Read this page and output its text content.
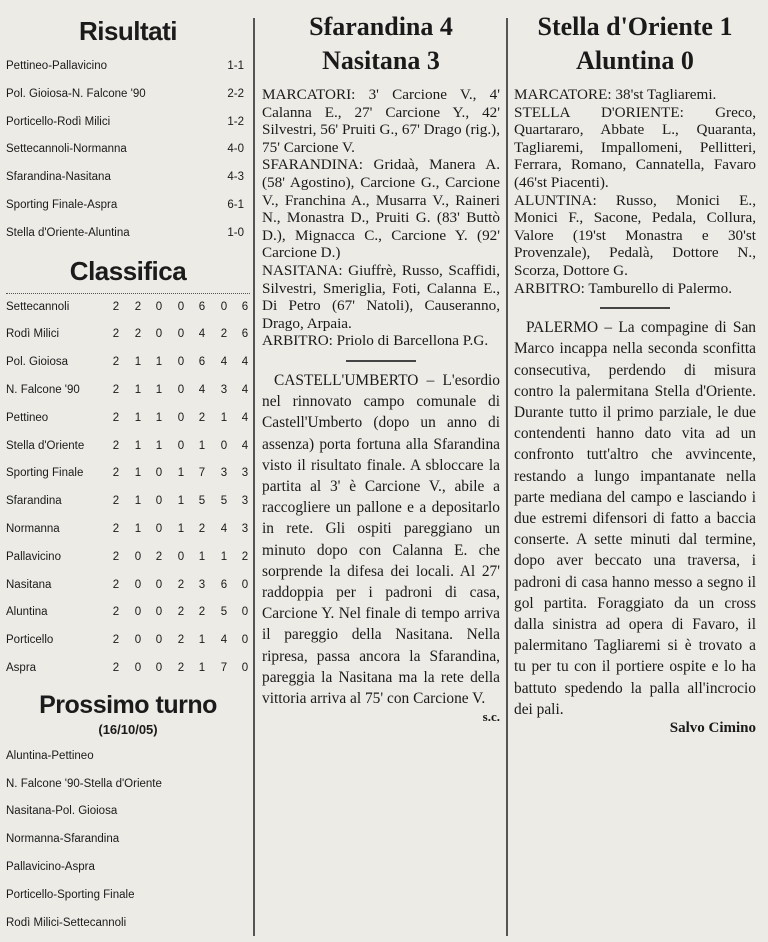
Risultati
Pettineo-Pallavicino	1-1
Pol. Gioiosa-N. Falcone '90	2-2
Porticello-Rodì Milici	1-2
Settecannoli-Normanna	4-0
Sfarandina-Nasitana	4-3
Sporting Finale-Aspra	6-1
Stella d'Oriente-Aluntina	1-0
Classifica
Settecannoli	2	2	0	0	6	0	6
Rodì Milici	2	2	0	0	4	2	6
Pol. Gioiosa	2	1	1	0	6	4	4
N. Falcone '90	2	1	1	0	4	3	4
Pettineo	2	1	1	0	2	1	4
Stella d'Oriente	2	1	1	0	1	0	4
Sporting Finale	2	1	0	1	7	3	3
Sfarandina	2	1	0	1	5	5	3
Normanna	2	1	0	1	2	4	3
Pallavicino	2	0	2	0	1	1	2
Nasitana	2	0	0	2	3	6	0
Aluntina	2	0	0	2	2	5	0
Porticello	2	0	0	2	1	4	0
Aspra	2	0	0	2	1	7	0
Prossimo turno
(16/10/05)
Aluntina-Pettineo
N. Falcone '90-Stella d'Oriente
Nasitana-Pol. Gioiosa
Normanna-Sfarandina
Pallavicino-Aspra
Porticello-Sporting Finale
Rodì Milici-Settecannoli
Sfarandina 4
Nasitana 3

MARCATORI: 3' Carcione V., 4' Calanna E., 27' Carcione Y., 42' Silvestri, 56' Pruiti G., 67' Drago (rig.), 75' Carcione V.

SFARANDINA: Gridaà, Manera A. (58' Agostino), Carcione G., Carcione V., Franchina A., Musarra V., Raineri N., Monastra D., Pruiti G. (83' Buttò D.), Mignacca C., Carcione Y. (92' Carcione D.)

NASITANA: Giuffrè, Russo, Scaffidi, Silvestri, Smeriglia, Foti, Calanna E., Di Petro (67' Natoli), Causeranno, Drago, Arpaia.

ARBITRO: Priolo di Barcellona P.G.

CASTELL'UMBERTO – L'esordio nel rinnovato campo comunale di Castell'Umberto (dopo un anno di assenza) porta fortuna alla Sfarandina visto il risultato finale. A sbloccare la partita al 3' è Carcione V., abile a raccogliere un pallone e a depositarlo in rete. Gli ospiti pareggiano un minuto dopo con Calanna E. che sorprende la difesa dei locali. Al 27' raddoppia per i padroni di casa, Carcione Y. Nel finale di tempo arriva il pareggio della Nasitana. Nella ripresa, passa ancora la Sfarandina, pareggia la Nasitana ma la rete della vittoria arriva al 75' con Carcione V.

s.c.
Stella d'Oriente 1
Aluntina 0

MARCATORE: 38'st Tagliaremi.

STELLA D'ORIENTE: Greco, Quartararo, Abbate L., Quaranta, Tagliaremi, Impallomeni, Pellitteri, Ferrara, Romano, Cannatella, Favaro (46'st Piacenti).

ALUNTINA: Russo, Monici E., Monici F., Sacone, Pedala, Collura, Valore (19'st Monastra e 30'st Provenzale), Pedalà, Dottore N., Scorza, Dottore G.

ARBITRO: Tamburello di Palermo.

PALERMO – La compagine di San Marco incappa nella seconda sconfitta consecutiva, perdendo di misura contro la palermitana Stella d'Oriente. Durante tutto il primo parziale, le due contendenti hanno dato vita ad un confronto tutt'altro che avvincente, restando a lungo impantanate nella parte mediana del campo e lasciando i due estremi difensori di fatto a baccia conserte. A sette minuti dal termine, dopo aver beccato una traversa, i padroni di casa hanno messo a segno il gol partita. Foraggiato da un cross dalla sinistra ad opera di Favaro, il palermitano Tagliaremi si è trovato a tu per tu con il portiere ospite e lo ha battuto spedendo la palla all'incrocio dei pali.

Salvo Cimino
